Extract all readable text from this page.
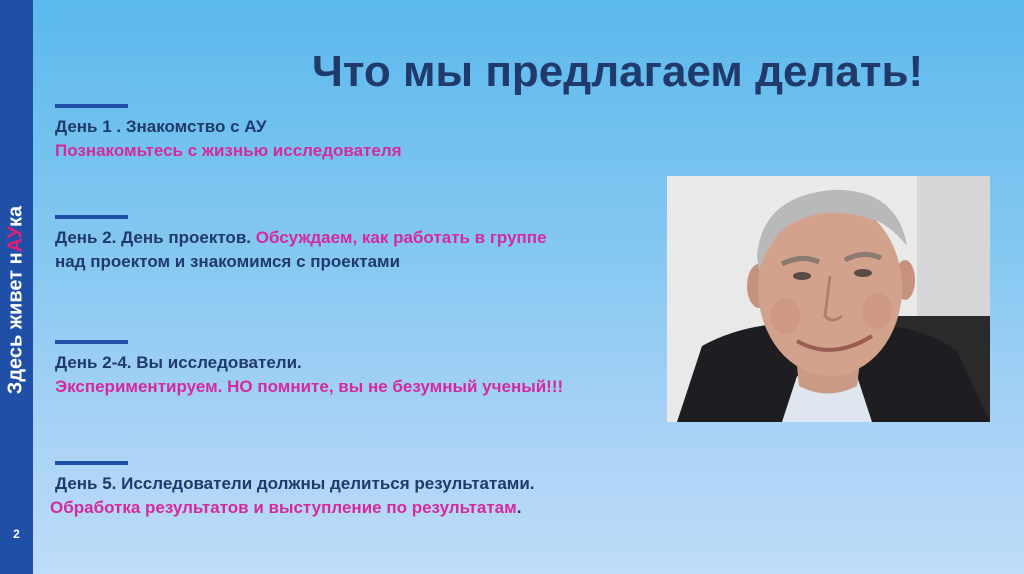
Здесь живет нАУка
2
Что мы предлагаем делать!
День 1 . Знакомство с АУ
Познакомьтесь с жизнью исследователя
День 2. День проектов. Обсуждаем, как работать в группе
над проектом и знакомимся с проектами
День 2-4. Вы исследователи.
Экспериментируем. НО помните, вы не безумный ученый!!!
День 5. Исследователи должны делиться результатами.
Обработка результатов и выступление по результатам.
